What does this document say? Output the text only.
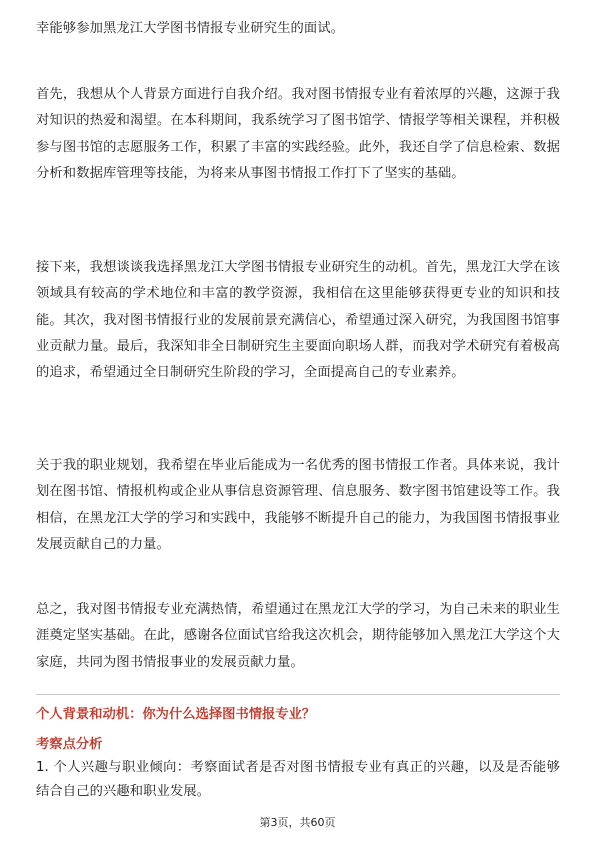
幸能够参加黑龙江大学图书情报专业研究生的面试。

首先，我想从个人背景方面进行自我介绍。我对图书情报专业有着浓厚的兴趣，这源于我对知识的热爱和渴望。在本科期间，我系统学习了图书馆学、情报学等相关课程，并积极参与图书馆的志愿服务工作，积累了丰富的实践经验。此外，我还自学了信息检索、数据分析和数据库管理等技能，为将来从事图书情报工作打下了坚实的基础。

接下来，我想谈谈我选择黑龙江大学图书情报专业研究生的动机。首先，黑龙江大学在该领域具有较高的学术地位和丰富的教学资源，我相信在这里能够获得更专业的知识和技能。其次，我对图书情报行业的发展前景充满信心，希望通过深入研究，为我国图书馆事业贡献力量。最后，我深知非全日制研究生主要面向职场人群，而我对学术研究有着极高的追求，希望通过全日制研究生阶段的学习，全面提高自己的专业素养。

关于我的职业规划，我希望在毕业后能成为一名优秀的图书情报工作者。具体来说，我计划在图书馆、情报机构或企业从事信息资源管理、信息服务、数字图书馆建设等工作。我相信，在黑龙江大学的学习和实践中，我能够不断提升自己的能力，为我国图书情报事业发展贡献自己的力量。

总之，我对图书情报专业充满热情，希望通过在黑龙江大学的学习，为自己未来的职业生涯奠定坚实基础。在此，感谢各位面试官给我这次机会，期待能够加入黑龙江大学这个大家庭，共同为图书情报事业的发展贡献力量。

个人背景和动机：你为什么选择图书情报专业？

考察点分析

1. 个人兴趣与职业倾向：考察面试者是否对图书情报专业有真正的兴趣，以及是否能够结合自己的兴趣和职业发展。

第3页，共60页
